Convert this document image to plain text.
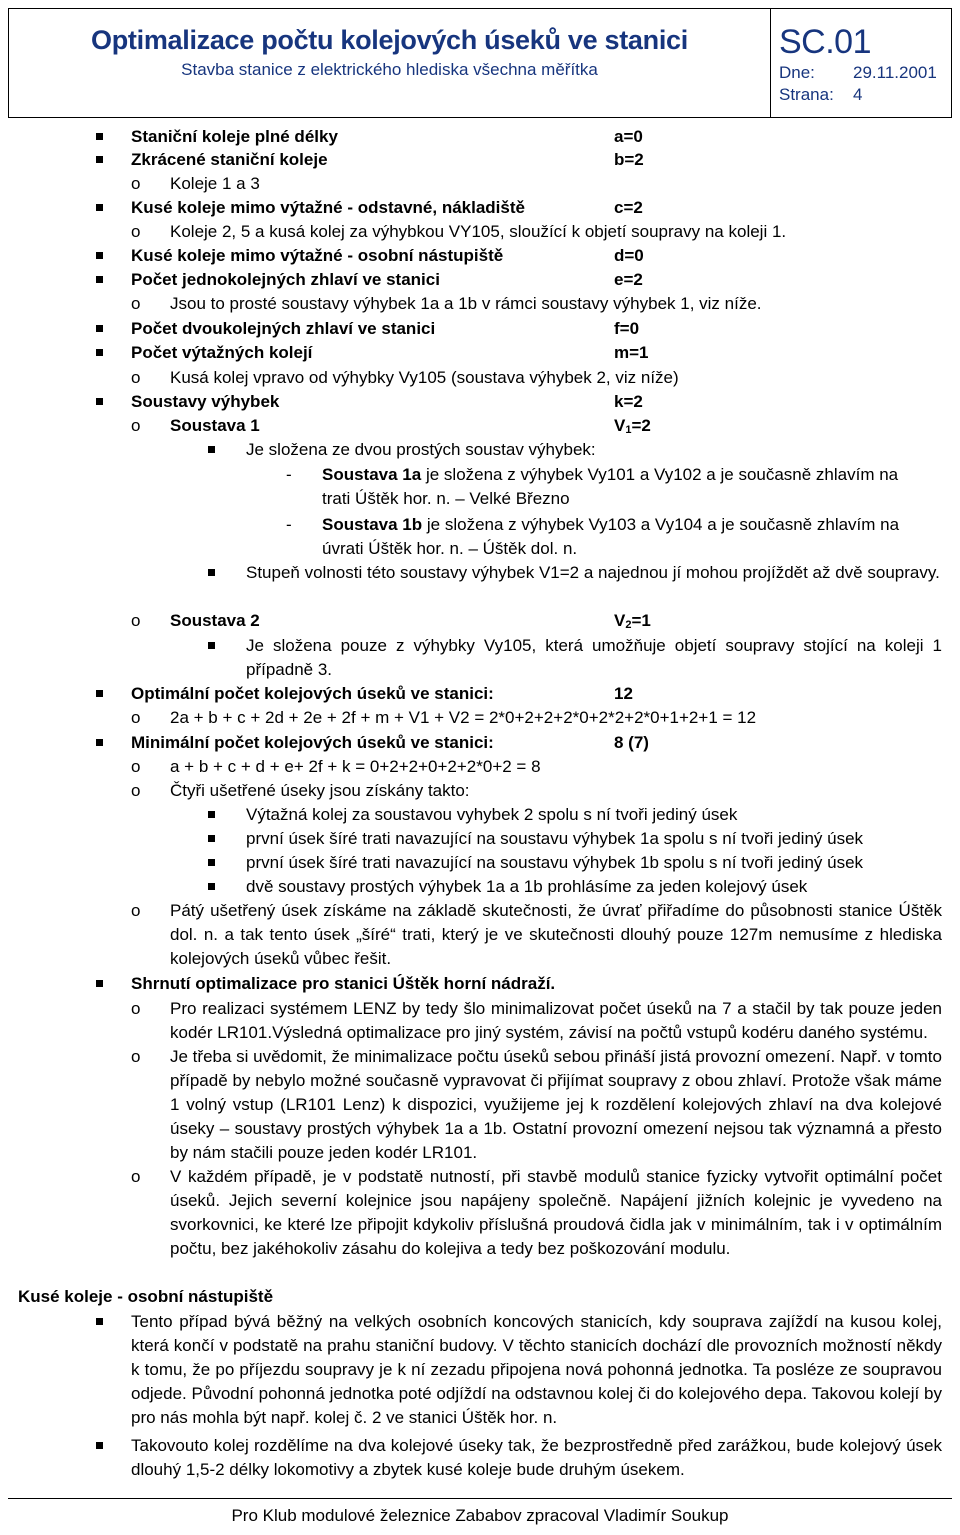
Optimalizace počtu kolejových úseků ve stanici
Stavba stanice z elektrického hlediska všechna měřítka
SC.01
Dne: 29.11.2001
Strana: 4
Staniční koleje plné délky	a=0
Zkrácené staniční koleje	b=2
o Koleje 1 a 3
Kusé koleje mimo výtažné - odstavné, nákladiště	c=2
o Koleje 2, 5 a kusá kolej za výhybkou VY105, sloužící k objetí soupravy na koleji 1.
Kusé koleje mimo výtažné - osobní nástupiště	d=0
Počet jednokolejných zhlaví ve stanici	e=2
o Jsou to prosté soustavy výhybek 1a a 1b v rámci soustavy výhybek 1, viz níže.
Počet dvoukolejných zhlaví ve stanici	f=0
Počet výtažných kolejí	m=1
o Kusá kolej vpravo od výhybky Vy105 (soustava výhybek 2, viz níže)
Soustavy výhybek	k=2
o Soustava 1	$V_1=2$
Je složena ze dvou prostých soustav výhybek:
- Soustava 1a je složena z výhybek Vy101 a Vy102 a je současně zhlavím na
trati Úštěk hor. n. – Velké Březno
- Soustava 1b je složena z výhybek Vy103 a Vy104 a je současně zhlavím na
úvrati Úštěk hor. n. – Úštěk dol. n.
Stupeň volnosti této soustavy výhybek V1=2 a najednou jí mohou projíždět až dvě soupravy.
o Soustava 2	$V_2=1$
Je složena pouze z výhybky Vy105, která umožňuje objetí soupravy stojící na koleji 1 případně 3.
Optimální počet kolejových úseků ve stanici:	12
o 2a + b + c + 2d + 2e + 2f + m + V1 + V2 = 2*0+2+2+2*0+2*2+2*0+1+2+1 = 12
Minimální počet kolejových úseků ve stanici:	8 (7)
o a + b + c + d + e+ 2f + k = 0+2+2+0+2+2*0+2 = 8
o Čtyři ušetřené úseky jsou získány takto:
Výtažná kolej za soustavou vyhybek 2 spolu s ní tvoři jediný úsek
první úsek šíré trati navazující na soustavu výhybek 1a spolu s ní tvoři jediný úsek
první úsek šíré trati navazující na soustavu výhybek 1b spolu s ní tvoři jediný úsek
dvě soustavy prostých výhybek 1a a 1b prohlásíme za jeden kolejový úsek
o Pátý ušetřený úsek získáme na základě skutečnosti, že úvrať přiřadíme do působnosti stanice Úštěk dol. n. a tak tento úsek „šíré“ trati, který je ve skutečnosti dlouhý pouze 127m nemusíme z hlediska kolejových úseků vůbec řešit.
Shrnutí optimalizace pro stanici Úštěk horní nádraží.
o Pro realizaci systémem LENZ by tedy šlo minimalizovat počet úseků na 7 a stačil by tak pouze jeden kodér LR101.Výsledná optimalizace pro jiný systém, závisí na počtů vstupů kodéru daného systému.
o Je třeba si uvědomit, že minimalizace počtu úseků sebou přináší jistá provozní omezení. Např. v tomto případě by nebylo možné současně vypravovat či přijímat soupravy z obou zhlaví. Protože však máme 1 volný vstup (LR101 Lenz) k dispozici, využijeme jej k rozdělení kolejových zhlaví na dva kolejové úseky – soustavy prostých výhybek 1a a 1b. Ostatní provozní omezení nejsou tak významná a přesto by nám stačili pouze jeden kodér LR101.
o V každém případě, je v podstatě nutností, při stavbě modulů stanice fyzicky vytvořit optimální počet úseků. Jejich severní kolejnice jsou napájeny společně. Napájení jižních kolejnic je vyvedeno na svorkovnici, ke které lze připojit kdykoliv příslušná proudová čidla jak v minimálním, tak i v optimálním počtu, bez jakéhokoliv zásahu do kolejiva a tedy bez poškozování modulu.
Kusé koleje - osobní nástupiště
Tento případ bývá běžný na velkých osobních koncových stanicích, kdy souprava zajíždí na kusou kolej, která končí v podstatě na prahu staniční budovy. V těchto stanicích dochází dle provozních možností někdy k tomu, že po příjezdu soupravy je k ní zezadu připojena nová pohonná jednotka. Ta posléze ze soupravou odjede. Původní pohonná jednotka poté odjíždí na odstavnou kolej či do kolejového depa. Takovou kolejí by pro nás mohla být např. kolej č. 2 ve stanici Úštěk hor. n.
Takovouto kolej rozdělíme na dva kolejové úseky tak, že bezprostředně před zarážkou, bude kolejový úsek dlouhý 1,5-2 délky lokomotivy a zbytek kusé koleje bude druhým úsekem.
Pro Klub modulové železnice Zababov zpracoval Vladimír Soukup
